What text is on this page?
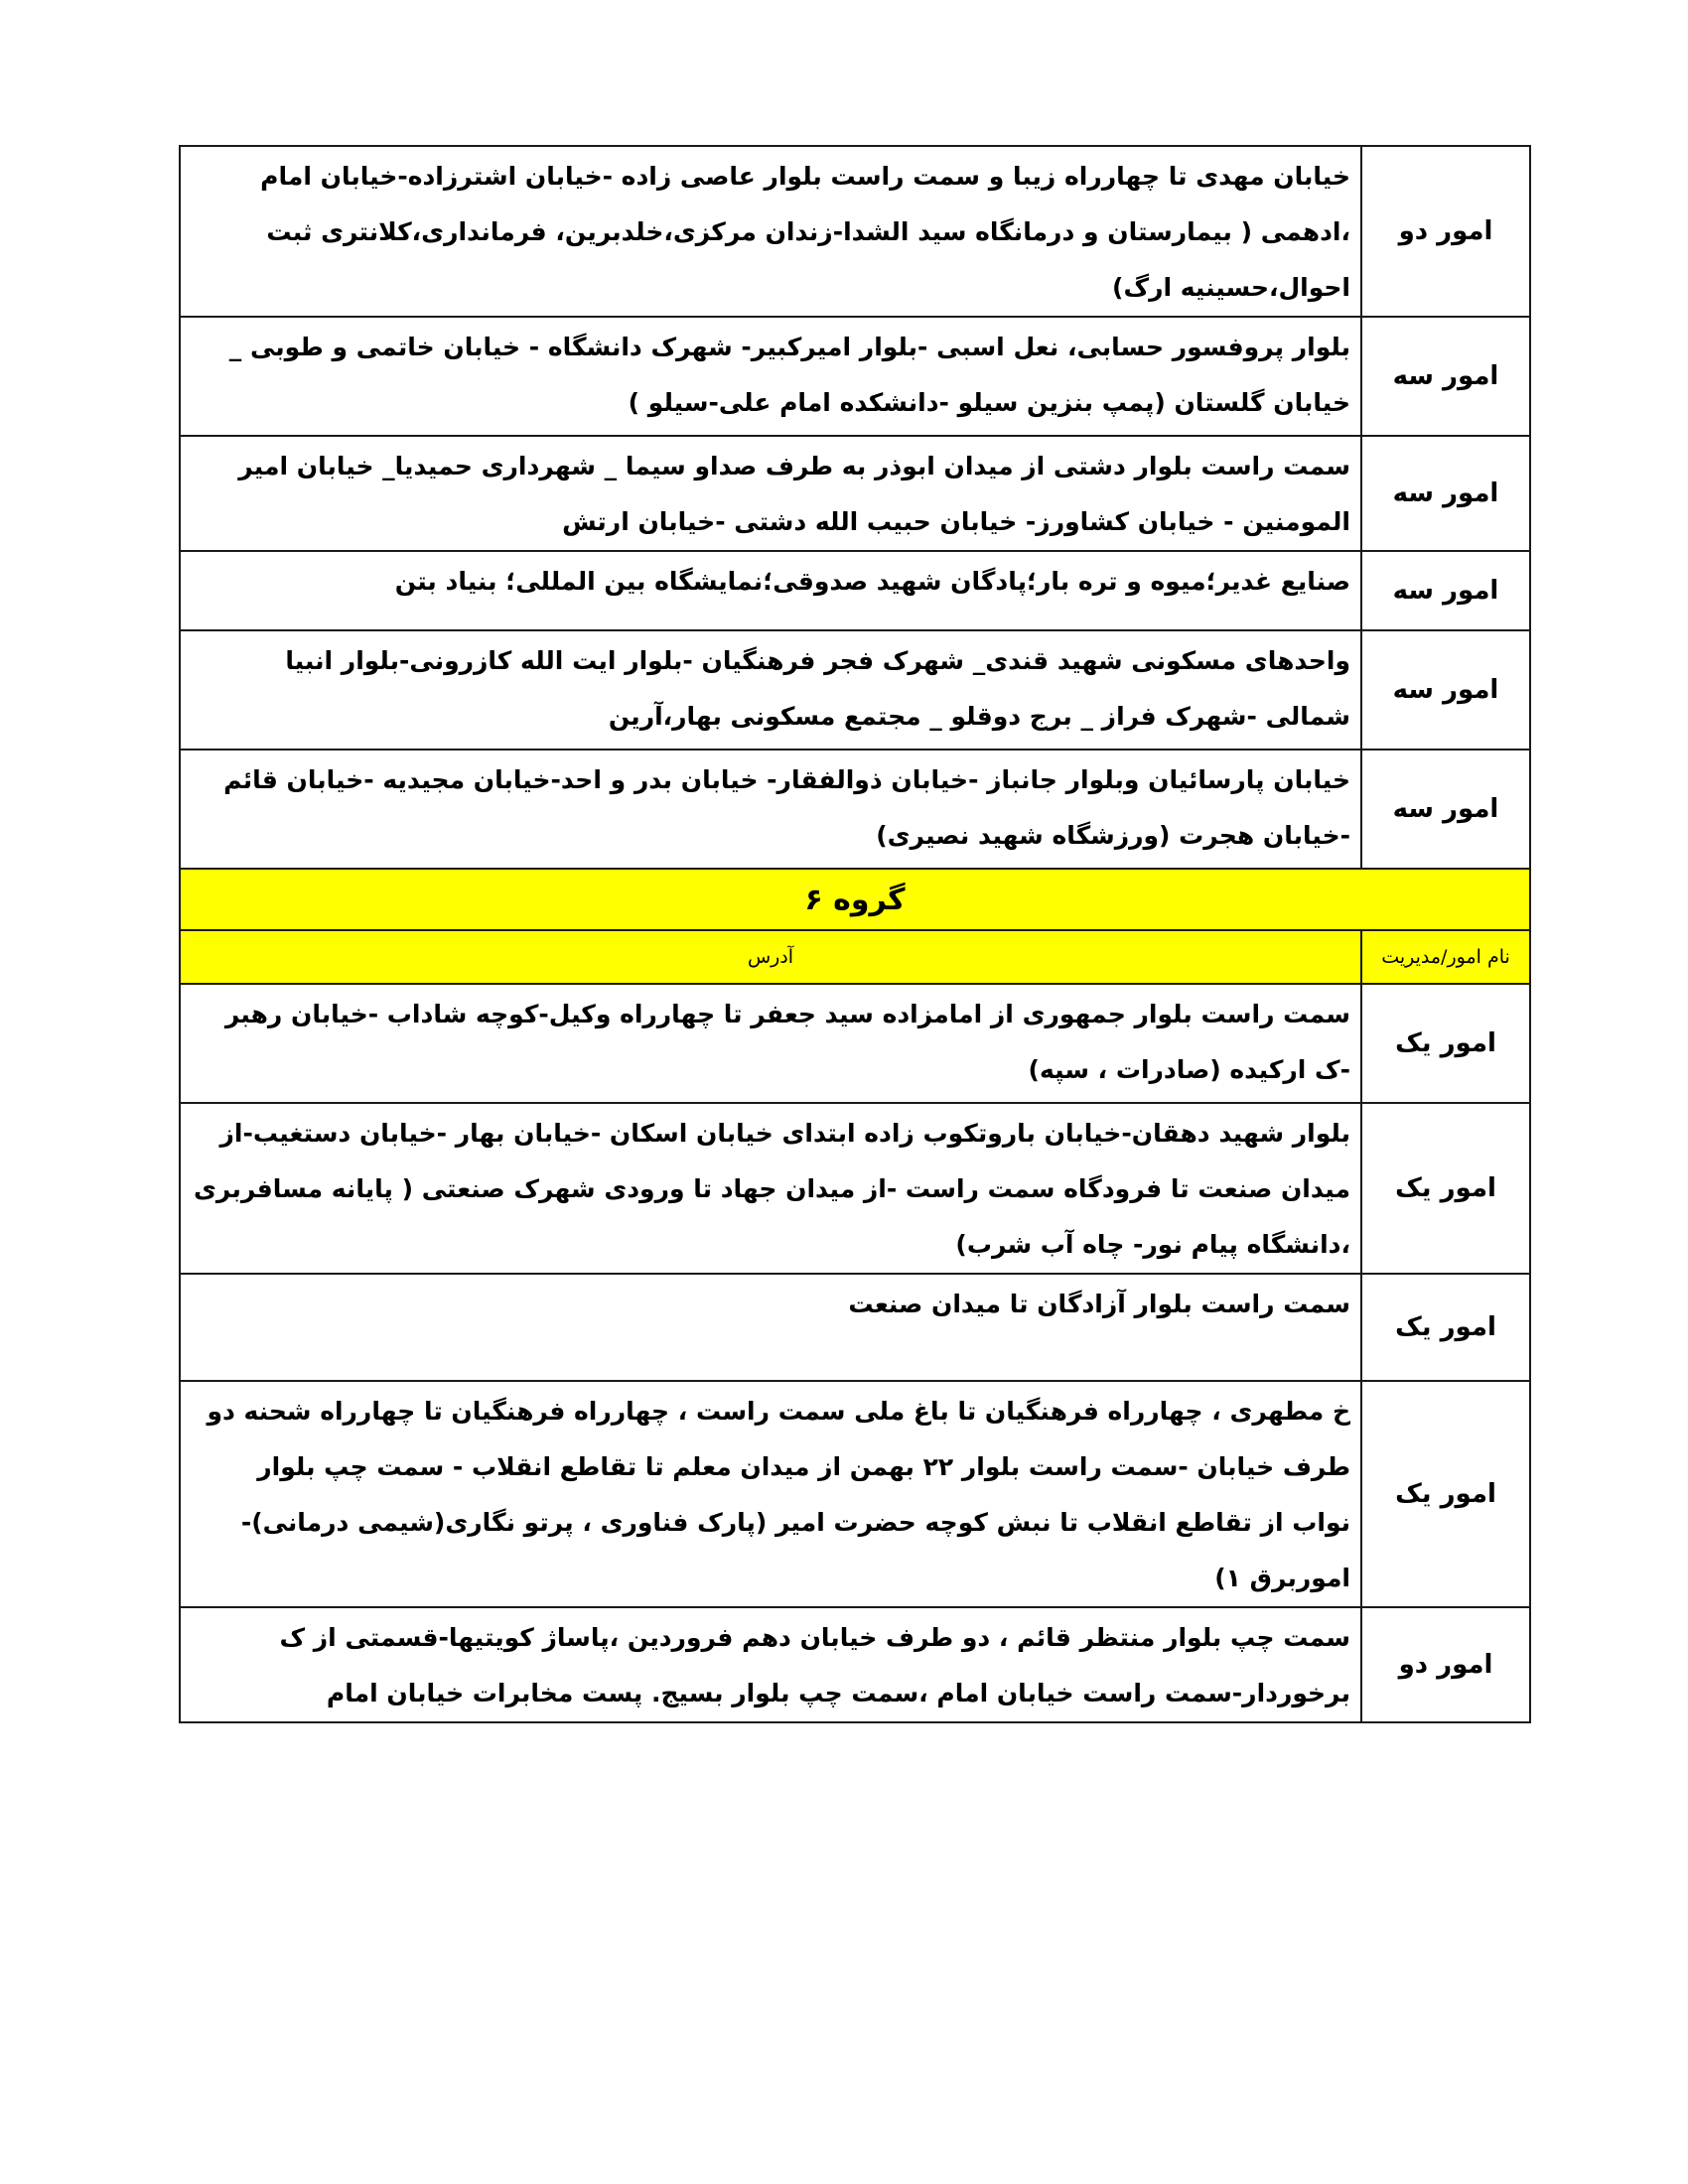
امور دو	خیابان مهدی تا چهارراه زیبا و سمت راست بلوار عاصی زاده -خیابان اشترزاده-خیابان امام ،ادهمی ( بیمارستان و درمانگاه سید الشدا-زندان مرکزی،خلدبرین، فرمانداری،کلانتری ثبت احوال،حسینیه ارگ)
امور سه	بلوار پروفسور حسابی، نعل اسبی -بلوار امیرکبیر- شهرک دانشگاه - خیابان خاتمی و طوبی _ خیابان گلستان (پمپ بنزین سیلو -دانشکده امام علی-سیلو )
امور سه	سمت راست بلوار دشتی از میدان ابوذر به طرف صداو سیما _ شهرداری حمیدیا_ خیابان امیر المومنین - خیابان کشاورز- خیابان حبیب الله دشتی -خیابان ارتش
امور سه	صنایع غدیر؛میوه و تره بار؛پادگان شهید صدوقی؛نمایشگاه بین المللی؛ بنیاد بتن
امور سه	واحدهای مسکونی شهید قندی_ شهرک فجر فرهنگیان -بلوار ایت الله کازرونی-بلوار انبیا شمالی -شهرک فراز _ برج دوقلو _ مجتمع مسکونی بهار،آرین
امور سه	خیابان پارسائیان وبلوار جانباز -خیابان ذوالفقار- خیابان بدر و احد-خیابان مجیدیه -خیابان قائم -خیابان هجرت (ورزشگاه شهید نصیری)
گروه ۶	
نام امور/مدیریت	آدرس
امور یک	سمت راست بلوار جمهوری از امامزاده سید جعفر تا چهارراه وکیل-کوچه شاداب -خیابان رهبر -ک ارکیده (صادرات ، سپه)
امور یک	بلوار شهید دهقان-خیابان باروتکوب زاده ابتدای خیابان اسکان -خیابان بهار -خیابان دستغیب-از میدان صنعت تا فرودگاه سمت راست -از میدان جهاد تا ورودی شهرک صنعتی ( پایانه مسافربری ،دانشگاه پیام نور- چاه آب شرب)
امور یک	سمت راست بلوار آزادگان تا میدان صنعت
امور یک	خ مطهری ، چهارراه فرهنگیان تا باغ ملی سمت راست ، چهارراه فرهنگیان تا چهارراه شحنه دو طرف خیابان -سمت راست بلوار ۲۲ بهمن از میدان معلم تا تقاطع انقلاب - سمت چپ بلوار نواب از تقاطع انقلاب تا نبش کوچه حضرت امیر (پارک فناوری ، پرتو نگاری(شیمی درمانی)- اموربرق ۱)
امور دو	سمت چپ بلوار منتظر قائم ، دو طرف خیابان دهم فروردین ،پاساژ کویتیها-قسمتی از ک برخوردار-سمت راست خیابان امام ،سمت چپ بلوار بسیج. پست مخابرات خیابان امام
